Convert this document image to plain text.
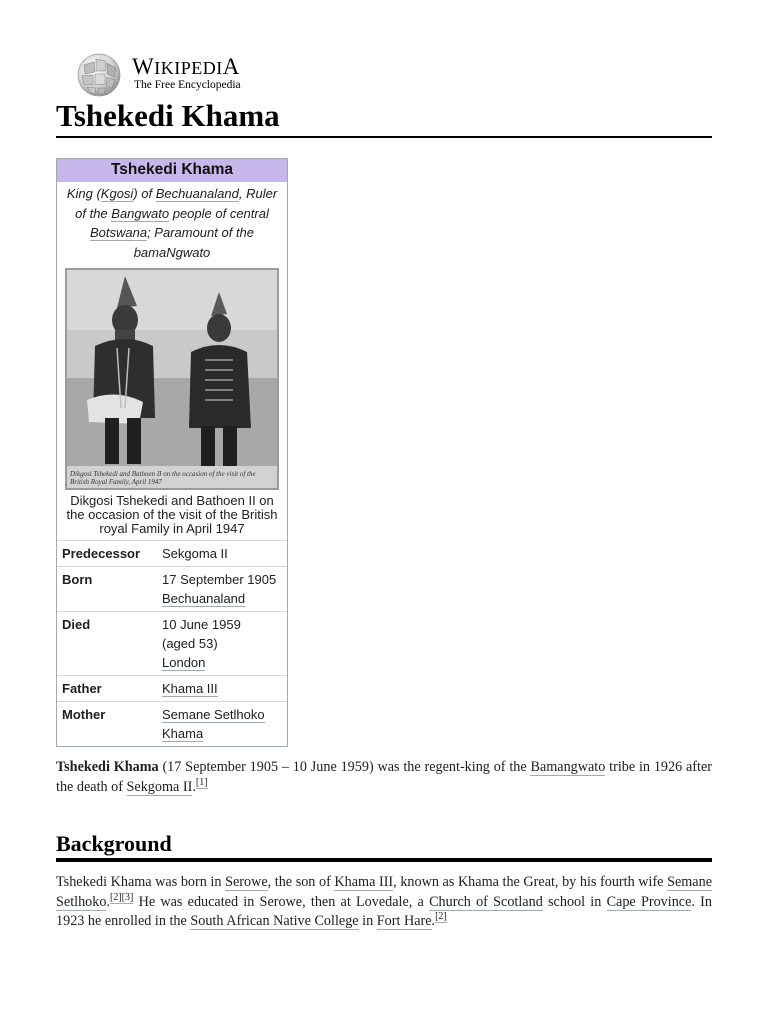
WIKIPEDIA
The Free Encyclopedia
Tshekedi Khama
Tshekedi Khama
King (Kgosi) of Bechuanaland, Ruler of the Bangwato people of central Botswana; Paramount of the bamaNgwato
Dikgosi Tshekedi and Bathoen II on the occasion of the visit of the
British Royal Family, April 1947
Dikgosi Tshekedi and Bathoen II on the occasion of the visit of the British royal Family in April 1947
Predecessor	Sekgoma II
Born	17 September 1905
Bechuanaland
Died	10 June 1959
(aged 53)
London
Father	Khama III
Mother	Semane Setlhoko Khama

Tshekedi Khama (17 September 1905 – 10 June 1959) was the regent-king of the Bamangwato tribe in 1926 after the death of Sekgoma II.[1]

Background

Tshekedi Khama was born in Serowe, the son of Khama III, known as Khama the Great, by his fourth wife Semane Setlhoko.[2][3] He was educated in Serowe, then at Lovedale, a Church of Scotland school in Cape Province. In 1923 he enrolled in the South African Native College in Fort Hare.[2]
